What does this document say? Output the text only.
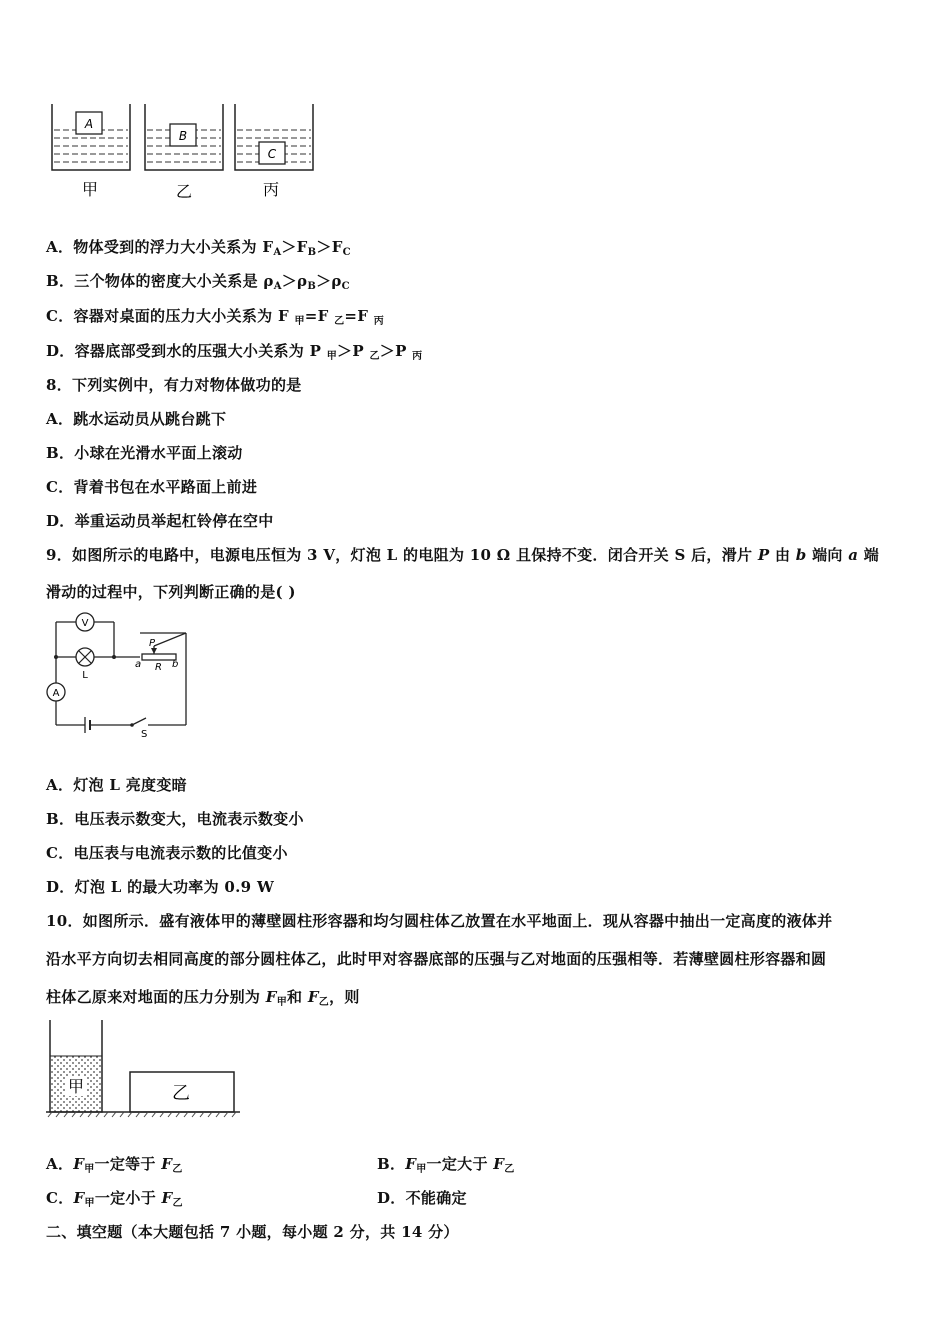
A
B
C
甲	乙	丙
A．物体受到的浮力大小关系为 $F_A>F_B>F_C$
B．三个物体的密度大小关系是 $\rho_A>\rho_B>\rho_C$
C．容器对桌面的压力大小关系为 F $_甲$=F $_乙$=F $_丙$
D．容器底部受到水的压强大小关系为 P $_甲$＞P $_乙$＞P $_丙$
8．下列实例中，有力对物体做功的是
A．跳水运动员从跳台跳下
B．小球在光滑水平面上滚动
C．背着书包在水平路面上前进
D．举重运动员举起杠铃停在空中
9．如图所示的电路中，电源电压恒为 3 V，灯泡 L 的电阻为 10 Ω 且保持不变．闭合开关 S 后，滑片 P 由 b 端向 a 端
滑动的过程中，下列判断正确的是( )
V
A
L
P
a R b
S
A．灯泡 L 亮度变暗
B．电压表示数变大，电流表示数变小
C．电压表与电流表示数的比值变小
D．灯泡 L 的最大功率为 0.9 W
10．如图所示．盛有液体甲的薄壁圆柱形容器和均匀圆柱体乙放置在水平地面上．现从容器中抽出一定高度的液体并
沿水平方向切去相同高度的部分圆柱体乙，此时甲对容器底部的压强与乙对地面的压强相等．若薄壁圆柱形容器和圆
柱体乙原来对地面的压力分别为 $F_甲$和 $F_乙$，则
甲	乙
A．$F_甲$一定等于 $F_乙$	B．$F_甲$一定大于 $F_乙$
C．$F_甲$一定小于 $F_乙$	D．不能确定
二、填空题（本大题包括 7 小题，每小题 2 分，共 14 分）
